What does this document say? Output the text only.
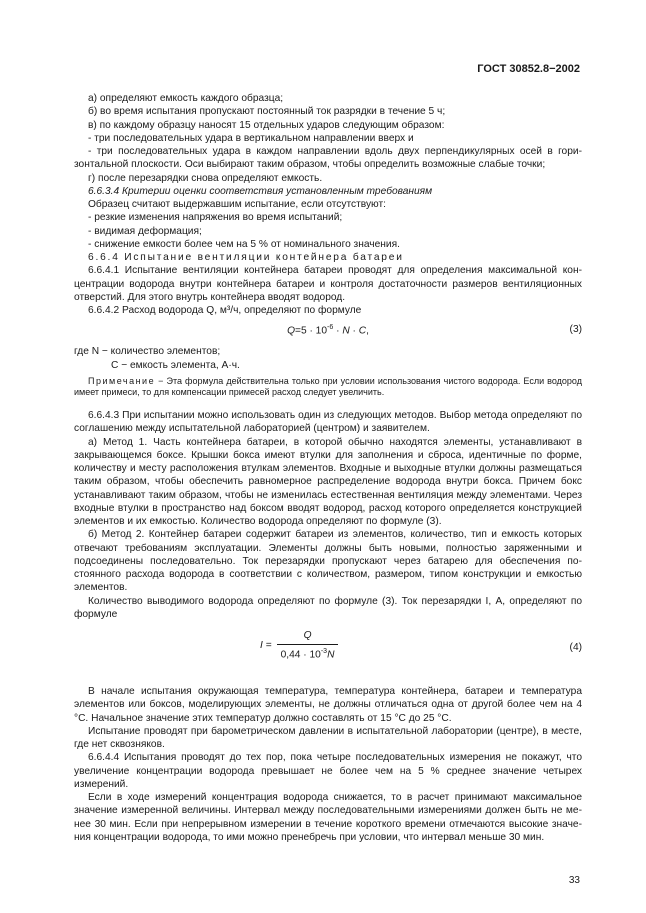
ГОСТ 30852.8−2002

а) определяют емкость каждого образца;

б) во время испытания пропускают постоянный ток разрядки в течение 5 ч;

в) по каждому образцу наносят 15 отдельных ударов следующим образом:

- три последовательных удара в вертикальном направлении вверх и

- три последовательных удара в каждом направлении вдоль двух перпендикулярных осей в горизонтальной плоскости. Оси выбирают таким образом, чтобы определить возможные слабые точки;

г) после перезарядки снова определяют емкость.

6.6.3.4 Критерии оценки соответствия установленным требованиям

Образец считают выдержавшим испытание, если отсутствуют:

- резкие изменения напряжения во время испытаний;

- видимая деформация;

- снижение емкости более чем на 5 % от номинального значения.

6.6.4 Испытание вентиляции контейнера батареи

6.6.4.1 Испытание вентиляции контейнера батареи проводят для определения максимальной концентрации водорода внутри контейнера батареи и контроля достаточности размеров вентиляционных отверстий. Для этого внутрь контейнера вводят водород.

6.6.4.2 Расход водорода Q, м³/ч, определяют по формуле

$Q=5 \cdot 10^{-6} \cdot N \cdot C$,	(3)

где N − количество элементов;

C − емкость элемента, А·ч.

Примечание − Эта формула действительна только при условии использования чистого водорода. Если водород имеет примеси, то для компенсации примесей расход следует увеличить.

6.6.4.3 При испытании можно использовать один из следующих методов. Выбор метода определяют по соглашению между испытательной лабораторией (центром) и заявителем.

а) Метод 1. Часть контейнера батареи, в которой обычно находятся элементы, устанавливают в закрывающемся боксе. Крышки бокса имеют втулки для заполнения и сброса, идентичные по форме, количеству и месту расположения втулкам элементов. Входные и выходные втулки должны размещаться таким образом, чтобы обеспечить равномерное распределение водорода внутри бокса. Причем бокс устанавливают таким образом, чтобы не изменилась естественная вентиляция между элементами. Через входные втулки в пространство над боксом вводят водород, расход которого определяется конструкцией элементов и их емкостью. Количество водорода определяют по формуле (3).

б) Метод 2. Контейнер батареи содержит батареи из элементов, количество, тип и емкость которых отвечают требованиям эксплуатации. Элементы должны быть новыми, полностью заряженными и подсоединены последовательно. Ток перезарядки пропускают через батарею для обеспечения постоянного расхода водорода в соответствии с количеством, размером, типом конструкции и емкостью элементов.

Количество выводимого водорода определяют по формуле (3). Ток перезарядки I, А, определяют по формуле

$I = \frac{Q}{0,44 \cdot 10^{-3}N}$	(4)

В начале испытания окружающая температура, температура контейнера, батареи и температура элементов или боксов, моделирующих элементы, не должны отличаться одна от другой более чем на 4 °С. Начальное значение этих температур должно составлять от 15 °С до 25 °С.

Испытание проводят при барометрическом давлении в испытательной лаборатории (центре), в месте, где нет сквозняков.

6.6.4.4 Испытания проводят до тех пор, пока четыре последовательных измерения не покажут, что увеличение концентрации водорода превышает не более чем на 5 % среднее значение четырех измерений.

Если в ходе измерений концентрация водорода снижается, то в расчет принимают максимальное значение измеренной величины. Интервал между последовательными измерениями должен быть не менее 30 мин. Если при непрерывном измерении в течение короткого времени отмечаются высокие значения концентрации водорода, то ими можно пренебречь при условии, что интервал меньше 30 мин.

33
